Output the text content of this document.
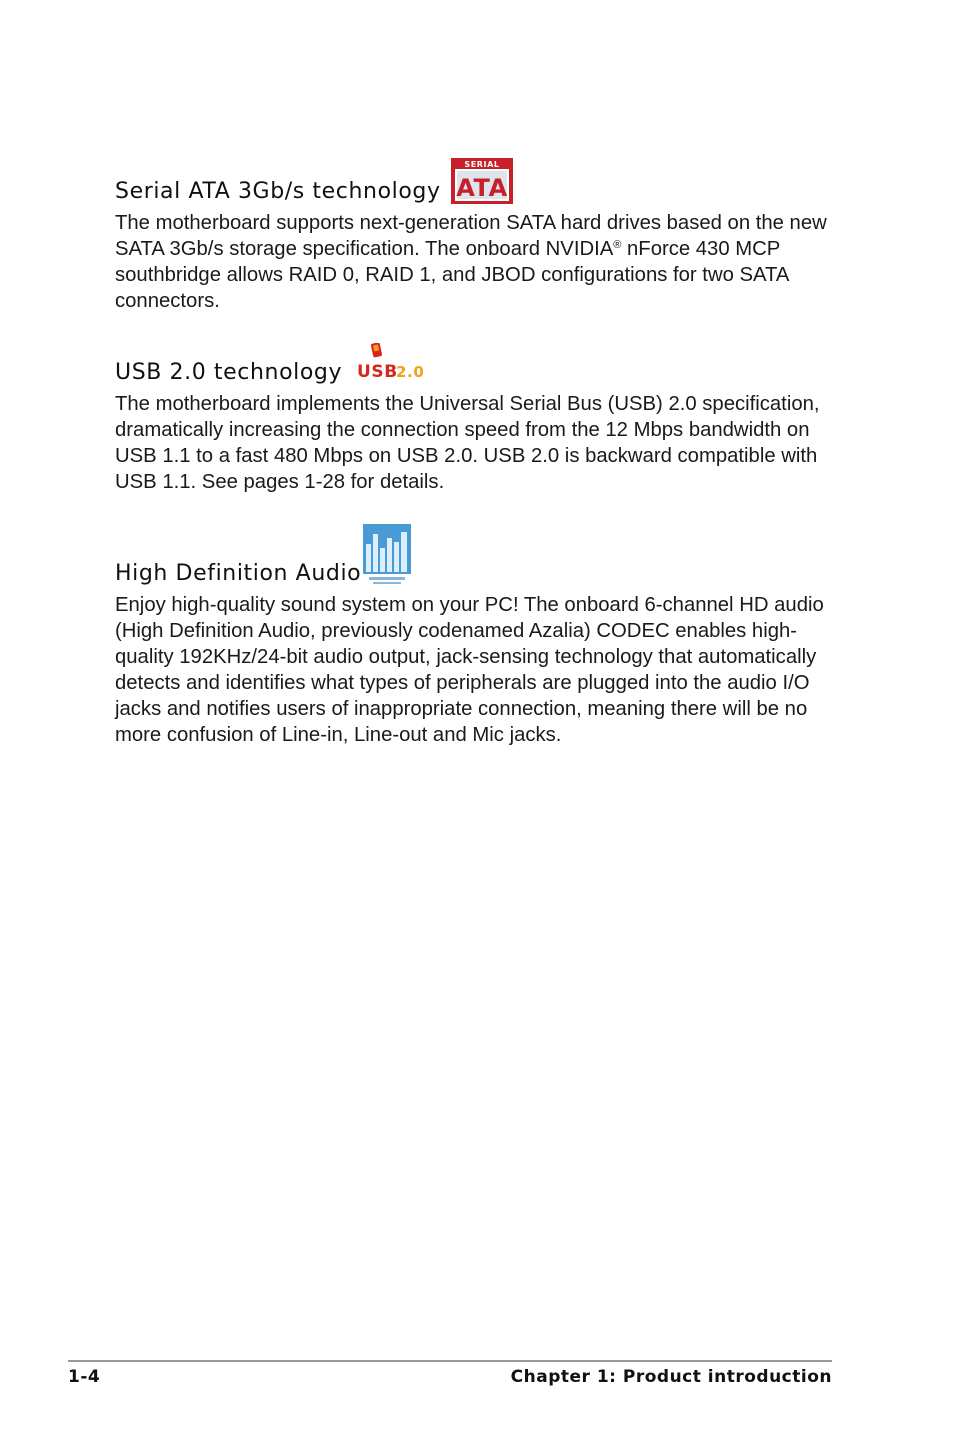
Serial ATA 3Gb/s technology
SERIAL
ATA

The motherboard supports next-generation SATA hard drives based on the new SATA 3Gb/s storage specification. The onboard NVIDIA® nForce 430 MCP southbridge allows RAID 0, RAID 1, and JBOD configurations for two SATA connectors.

USB 2.0 technology USB
2.0

The motherboard implements the Universal Serial Bus (USB) 2.0 specification, dramatically increasing the connection speed from the 12 Mbps bandwidth on USB 1.1 to a fast 480 Mbps on USB 2.0. USB 2.0 is backward compatible with USB 1.1. See pages 1-28 for details.

High Definition Audio

Enjoy high-quality sound system on your PC! The onboard 6-channel HD audio (High Definition Audio, previously codenamed Azalia) CODEC enables high-quality 192KHz/24-bit audio output, jack-sensing technology that automatically detects and identifies what types of peripherals are plugged into the audio I/O jacks and notifies users of inappropriate connection, meaning there will be no more confusion of Line-in, Line-out and Mic jacks.

1-4	Chapter 1: Product introduction
